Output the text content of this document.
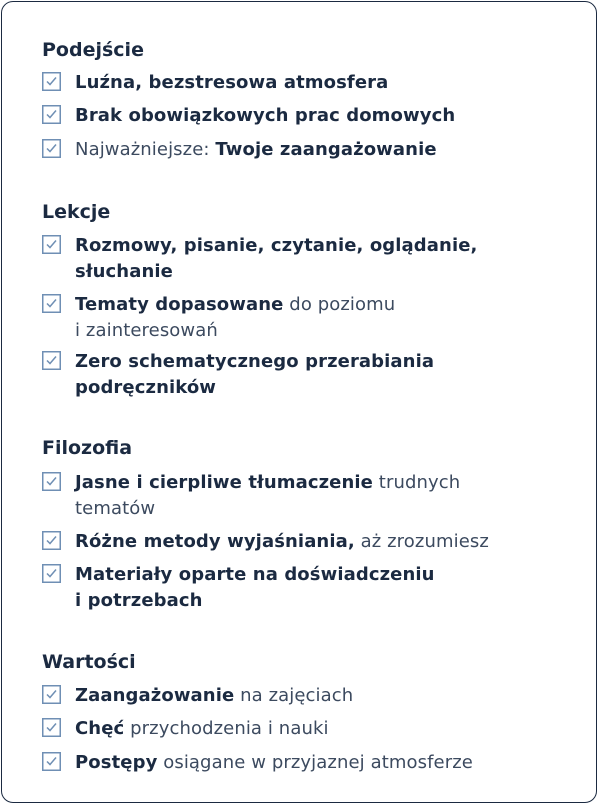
Podejście
Luźna, bezstresowa atmosfera
Brak obowiązkowych prac domowych
Najważniejsze: Twoje zaangażowanie
Lekcje
Rozmowy, pisanie, czytanie, oglądanie,
słuchanie
Tematy dopasowane do poziomu
i zainteresowań
Zero schematycznego przerabiania
podręczników
Filozofia
Jasne i cierpliwe tłumaczenie trudnych
tematów
Różne metody wyjaśniania, aż zrozumiesz
Materiały oparte na doświadczeniu
i potrzebach
Wartości
Zaangażowanie na zajęciach
Chęć przychodzenia i nauki
Postępy osiągane w przyjaznej atmosferze
